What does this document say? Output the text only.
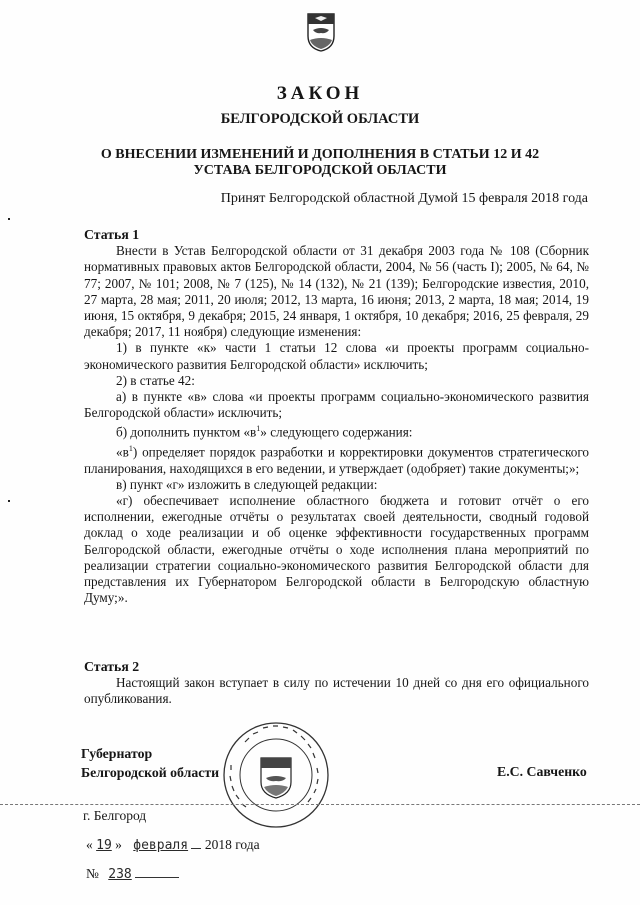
ЗАКОН
БЕЛГОРОДСКОЙ ОБЛАСТИ
О ВНЕСЕНИИ ИЗМЕНЕНИЙ И ДОПОЛНЕНИЯ В СТАТЬИ 12 И 42
УСТАВА БЕЛГОРОДСКОЙ ОБЛАСТИ
Принят Белгородской областной Думой 15 февраля 2018 года

Статья 1

Внести в Устав Белгородской области от 31 декабря 2003 года № 108 (Сборник нормативных правовых актов Белгородской области, 2004, № 56 (часть I); 2005, № 64, № 77; 2007, № 101; 2008, № 7 (125), № 14 (132), № 21 (139); Белгородские известия, 2010, 27 марта, 28 мая; 2011, 20 июля; 2012, 13 марта, 16 июня; 2013, 2 марта, 18 мая; 2014, 19 июня, 15 октября, 9 декабря; 2015, 24 января, 1 октября, 10 декабря; 2016, 25 февраля, 29 декабря; 2017, 11 ноября) следующие изменения:

1) в пункте «к» части 1 статьи 12 слова «и проекты программ социально-экономического развития Белгородской области» исключить;

2) в статье 42:

а) в пункте «в» слова «и проекты программ социально-экономического развития Белгородской области» исключить;

б) дополнить пунктом «$в^1$» следующего содержания:

«$в^1$) определяет порядок разработки и корректировки документов стратегического планирования, находящихся в его ведении, и утверждает (одобряет) такие документы;»;

в) пункт «г» изложить в следующей редакции:

«г) обеспечивает исполнение областного бюджета и готовит отчёт о его исполнении, ежегодные отчёты о результатах своей деятельности, сводный годовой доклад о ходе реализации и об оценке эффективности государственных программ Белгородской области, ежегодные отчёты о ходе исполнения плана мероприятий по реализации стратегии социально-экономического развития Белгородской области для представления их Губернатором Белгородской области в Белгородскую областную Думу;».

Статья 2

Настоящий закон вступает в силу по истечении 10 дней со дня его официального опубликования.

Губернатор
Белгородской области	Е.С. Савченко
г. Белгород
« 19 » февраля 2018 года
№ 238
